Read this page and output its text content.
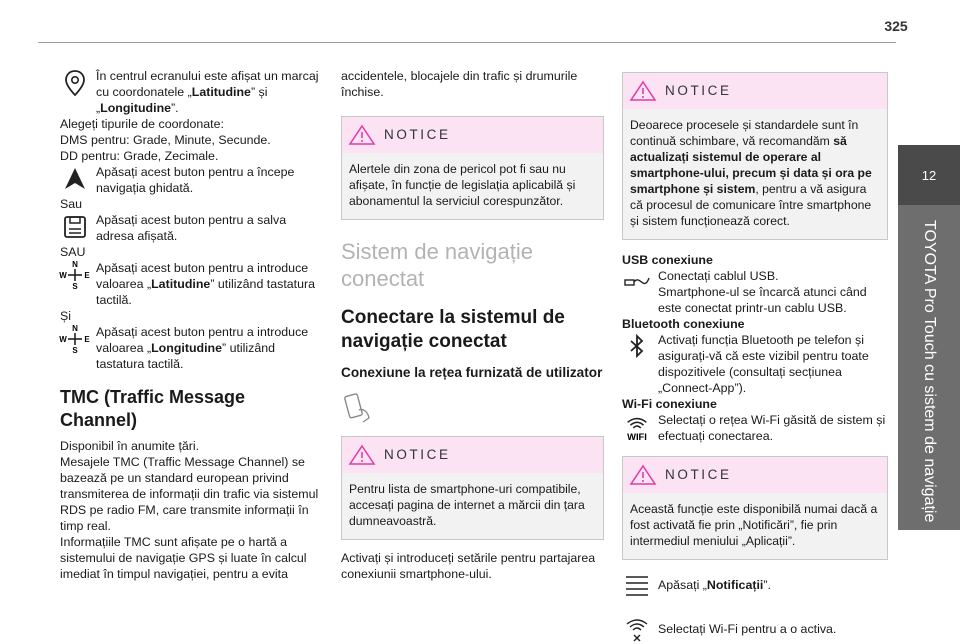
325
12
TOYOTA Pro Touch cu sistem de navigație
În centrul ecranului este afișat un marcaj cu coordonatele „Latitudine” și „Longitudine”.
Alegeți tipurile de coordonate:
DMS pentru: Grade, Minute, Secunde.
DD pentru: Grade, Zecimale.
Apăsați acest buton pentru a începe navigația ghidată.
Sau
Apăsați acest buton pentru a salva adresa afișată.
SAU
N
S
W E
Apăsați acest buton pentru a introduce valoarea „Latitudine” utilizând tastatura tactilă.
Și
N
S
W E
Apăsați acest buton pentru a introduce valoarea „Longitudine” utilizând tastatura tactilă.
TMC (Traffic Message Channel)
Disponibil în anumite țări.
Mesajele TMC (Traffic Message Channel) se bazează pe un standard european privind transmiterea de informații din trafic via sistemul RDS pe radio FM, care transmite informații în timp real.
Informațiile TMC sunt afișate pe o hartă a sistemului de navigație GPS și luate în calcul imediat în timpul navigației, pentru a evita
accidentele, blocajele din trafic și drumurile închise.
NOTICE
Alertele din zona de pericol pot fi sau nu afișate, în funcție de legislația aplicabilă și abonamentul la serviciul corespunzător.
Sistem de navigație conectat
Conectare la sistemul de navigație conectat
Conexiune la rețea furnizată de utilizator
NOTICE
Pentru lista de smartphone-uri compatibile, accesați pagina de internet a mărcii din țara dumneavoastră.
Activați și introduceți setările pentru partajarea conexiunii smartphone-ului.
NOTICE
Deoarece procesele și standardele sunt în continuă schimbare, vă recomandăm să actualizați sistemul de operare al smartphone-ului, precum și data și ora pe smartphone și sistem, pentru a vă asigura că procesul de comunicare între smartphone și sistem funcționează corect.
USB conexiune
Conectați cablul USB.
Smartphone-ul se încarcă atunci când este conectat printr-un cablu USB.
Bluetooth conexiune
Activați funcția Bluetooth pe telefon și asigurați-vă că este vizibil pentru toate dispozitivele (consultați secțiunea „Connect-App”).
Wi-Fi conexiune
WIFI
Selectați o rețea Wi-Fi găsită de sistem și efectuați conectarea.
NOTICE
Această funcție este disponibilă numai dacă a fost activată fie prin „Notificări”, fie prin intermediul meniului „Aplicații”.
Apăsați „Notificații”.
Selectați Wi-Fi pentru a o activa.
